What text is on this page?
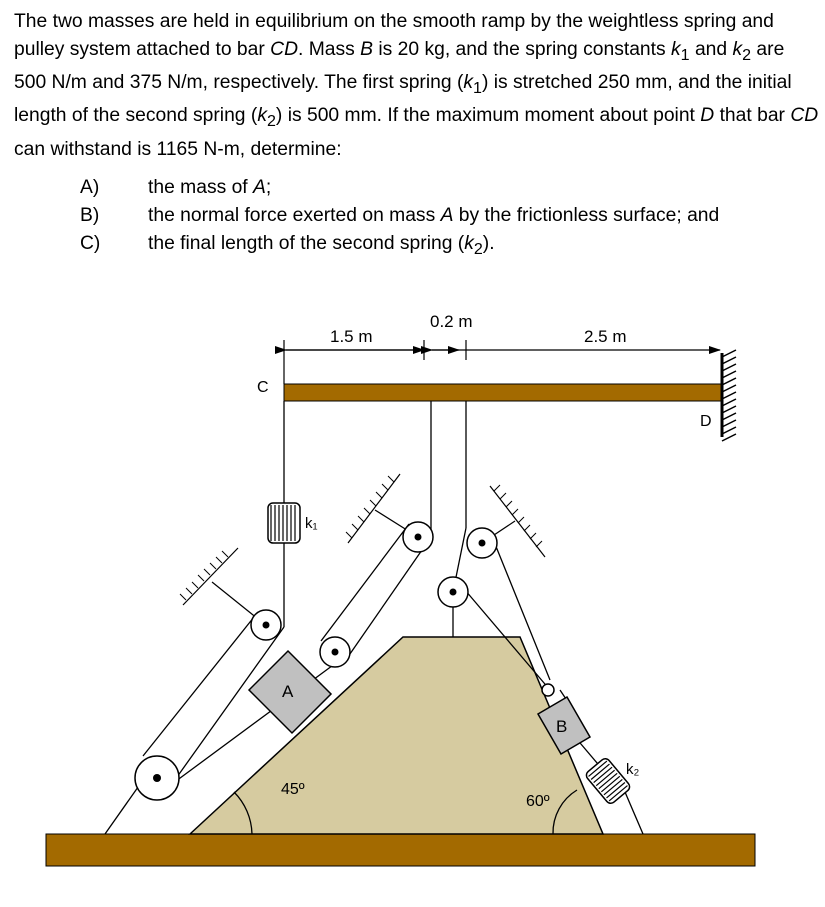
The two masses are held in equilibrium on the smooth ramp by the weightless spring and pulley system attached to bar CD. Mass B is 20 kg, and the spring constants $k_1$ and $k_2$ are 500 N/m and 375 N/m, respectively. The first spring $(k_1)$ is stretched 250 mm, and the initial length of the second spring $(k_2)$ is 500 mm. If the maximum moment about point D that bar CD can withstand is 1165 N-m, determine:

A)	the mass of A;
B)	the normal force exerted on mass A by the frictionless surface; and
C)	the final length of the second spring $(k_2)$.
1.5 m
0.2 m
2.5 m
C
D
k₁
k₂
A
B
45º
60º
